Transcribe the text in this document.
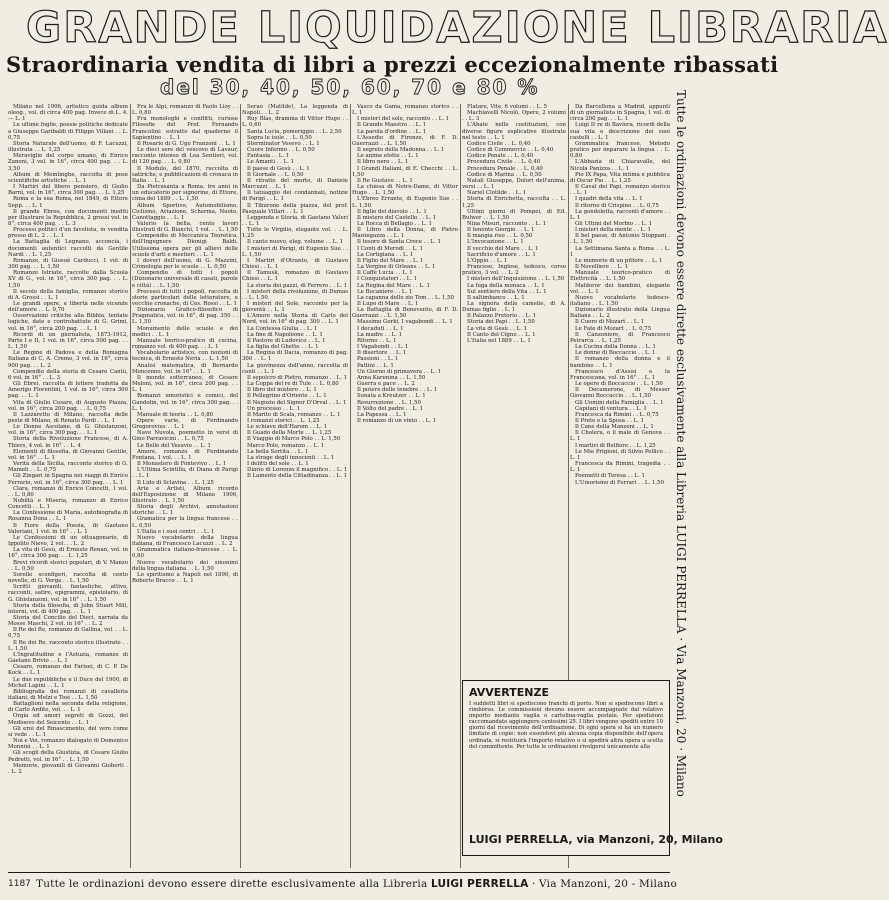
GRANDE LIQUIDAZIONE LIBRARIA
Straordinaria vendita di libri a prezzi eccezionalmente ribassati
del 30, 40, 50, 60, 70 e 80 %

Milano nel 1906, artistico guida album oleog., vol. di circa 400 pag. Invece di L. 4.— L. 1

Le ultime foglie, poesie politiche dedicate a Giuseppe Garibaldi di Filippo Villani . . L. 0,75

Storia Naturale dell'uomo, di F. Lacuzzi, illustrata . . L. 1,25

Meraviglie del corpo umano, di Enrico Zanoni, 3 vol. in 16°, circa 400 pag. . . L. 3,50

Album di Memlinghe, raccolta di pose scientifiche artistiche . . L. 1

I Martiri del libero pensiero, di Giulio Barni, vol. in 16°, circa 300 pag. . . L. 1,25

Roma e la sua Roma, nel 1849, di Ettore Sepp. . . L. 1

Il grande Ebreo, con documenti inediti per illustrare la Repubblica, 2 grossi vol. in 8°, circa 400 pag. . . L. 3

Processi politici d'un favolista, in vendita presso di L. 2 . . L. 1

La Battaglia di Legnano, acconcia, i documenti autentici raccolti da Gentile Nardi . . L. 1,25

Romanze, di Giosuè Carducci, 1 vol. di 300 pag. . . L. 1,50

Romanze Istriate, raccolte dalla Scuola XV di G., vol. in 16°, circa 300 pag. . . L. 1,50

Il secolo della famiglia, romanzo storico di A. Grossi . . L. 1

Le grandi opere, e libertà nelle vicende dell'amore . . L. 0,70

Osservazioni critiche alla Bibbia, tentate logiche, date e controbattute di G. Grimi, vol. in 16°, circa 200 pag. . . L. 1

Ricordi di un giornalista, 1873-1912, Parte I e II, 1 vol. in 16°, circa 500 pag. . . L. 1,50

Le Regine di Padova e della Romagna Italiana di C. A. Cremo, 3 vol. in 16°, circa 900 pag. . . L. 2

Compendio della storia di Cesare Cantù, 6 vol. in 16° . . L. 3

Gli Ebrei, raccolta di lettere tradotta da Amerigo Florentini, 1 vol. in 16°, circa 300 pag. . . L. 1

Vita di Giulio Cesare, di Augusto Piazza, vol. in 16°, circa 200 pag. . . L. 0,75

Il Lazzaretto di Milano, raccolta delle peste di Milano, di Renato Pardi . . L. 1

Le Donne Ascolane, di G. Ghislanzoni, vol. in 16°, circa 300 pag. . . L. 1

Storia della Rivoluzione Francese, di A. Thiers, 4 vol. in 16° . . L. 4

Elementi di filosofia, di Giovanni Gentile, vol. in 16° . . L. 1

Verità della Sicilia, racconto storico di G. Mameli . . L. 0,75

Gli Zingari in Spagna nei viaggi di Enrico Ferrario, vol. in 16°, circa 300 pag. . . L. 1

Clara, romanzo di Enrico Concetti, 1 vol. . . L. 0,80

Nobiltà e Miseria, romanzo di Enrico Concetti . . L. 1

La Confessione di Maria, autobiografia di Rosanna Dona . . L. 1

Il Fiore della Poesia, di Gaetano Valeriani, 1 vol. in 16° . . L. 1

Le Confessioni di un ottuagenario, di Ippolito Nievo, 2 vol. . . L. 2

La vita di Gesù, di Ernesto Renan, vol. in 16°, circa 300 pag. . . L. 1,25

Brevi ricordi storici popolari, di V. Manzo . . L. 0,50

Sorelle sconfigeri, raccolta di cento novelle, di G. Verga . . L. 1,50

Scritti giovanili, fantastiche, attive, racconti, satire, epigrammi, epistolario, di G. Ghislanzoni, vol. in 16° . . L. 1,50

Storia della filosofia, di John Stuart Mill, interni, vol. di 400 pag. . . L. 1

Storia del Concilio del Dieci, narrata da Mosse Maschi, 2 vol. in 16° . . L. 2

Il Re del Re, romanzo di Gallina, vol. . . L. 0,75

Il Re dei Re, racconto storico illustrato . . L. 1,50

L'Ingratitudine e l'Astuzia, romanzo di Gaetano Brivio . . L. 1

Cesare, romanzo dei Farisei, di C. P. De Kock . . L. 1

Le due repubbliche e il Duce del 1900, di Michel Lapini . . L. 1

Bibliografia dei romanzi di cavalleria italiani, di Melzi e Tosi . . L. 1,50

Battaglioni nella seconda della religione, di Carlo Ardito, vol. . . L. 1

Orgia ed amori segreti di Gozzi, del Medioevo del Seicento . . L. 1

Gli eroi del Rinascimento, del vero come si vede . . L. 1

Noi e Voi, romanzo dialogato di Domenico Monnini . . L. 1

Gli scogli della Giustizia, di Cesare Giulio Pedretti, vol. in 16° . . L. 1,50

Memorie, giovanili di Giovanni Gioberti . . L. 2

Fra le Alpi, romanzo di Paolo Lioy . . L. 0,80

Fra monologhi e conflitti, curiose Filosofie del Prof. Fernando Francolini: estratto dal quaderno il Sapientino . . L. 1

Il Rosario di G. Ugo Franzoni . . L. 1

Le dieci sere del vescovo di Lavaur, racconto intenso di Lea Sentieri, vol. di 120 pag. . . L. 0,80

Il Modulo, del 1870, raccolta di satiriche, e pubblicazioni di cronaca in Italia . . L. 1

Da Pietrasanta a Roma, tre anni in un educatorio per signorine, di Ettore, cima del 1889 . . L. 1,50

Album Sportivo, Automobilismo, Ciclismo, Aviazione, Scherma, Nuoto, Canottaggio . . L. 1

Valerio la bella, cento lavori illustrati di G. Bianchi, 1 vol. . . L. 1,50

Compendio di Meccanica Teoretica, dell'Ingegnere Dionigi Baldi. Utilissima opera per gli allievi delle scuole d'arti e mestieri . . L. 1

I doveri dell'uomo, di G. Mazzini, Cronologia per le scuole . . L. 0,50

Compendio di tutti i popoli (Dizionario universale di casati, parole e città) . . L. 1,50

Processi di tutti i popoli, raccolta di storie particolari delle letterature, e vecchie cronache, di Ces. Rossi . . L. 1

Dizionario Grafico-filosofico di Pragmatica, vol. in 16°, di pag. 350 . . L. 1,50

Monumento delle scuole e dei medici . . L. 1

Manuale teorico-pratico di cucina, romanzo vol. di 400 pag. . . L. 1

Vocabolario artistico, con nozioni di tecnica, di Ernesto Neria . . L. 1,50

Analisi matematica, di Bernardo Moncenno, vol. in 16° . . L. 1

Il mondo sotterraneo, di Cesare Meloni, vol. in 16°, circa 200 pag. . . L. 1

Romanzi umoristici e comici, del Gandolin, vol. in 16°, circa 300 pag. . . L. 1

Manuale di teoria . . L. 0,80

Opere varie, di Ferdinando Gregorovius . . L. 1

Nave Nuvola, poemetto in versi di Gino Parravicini . . L. 0,75

Le Belle del Vesuvio . . L. 1

Amore, romanzo di Ferdinando Fontana, 1 vol. . . L. 1

Il Monastero di Fontevivo . . L. 1

L'Ultima Scintilla, di Diana di Parigi . . L. 1

Il Lido di Sclavina . . L. 1,25

Arte e Artisti, Album ricordo dell'Esposizione di Milano 1906, illustrato . . L. 1,50

Storia degli Archivi, annotazioni storiche . . L. 1

Gramatica per la lingua francese . . L. 0,50

L'Italia e i suoi centri . . L. 1

Nuovo vocabolario della lingua italiana, di Francesco Lacuzzi . . L. 2

Grammatica italiano-francese . . L. 0,80

Nuovo vocabolario dei sinonimi della lingua italiana . . L. 1,50

Lo spiritismo a Napoli nel 1890, di Roberto Bracco . . L. 1

Serao (Matilde), La leggenda di Napoli . . L. 2

Ruy Blas, dramma di Vittor Hugo . . L. 0,60

Santa Lucia, pomeriggio . . L. 2,50

Sopra le isole . . L. 0,50

Sterminator Vesevo . . L. 1

Cuore Infermo . . L. 0,50

Fantasia . . L. 1

Le Amanti . . L. 1

Il paese di Gesù . . L. 1

Il Giornale . . L. 0,50

Il ritratto del morto, di Daniele Marcuzzi . . L. 1

Il tatuaggio dei condannati, notizie di Parigi . . L. 1

Il Tiburone della piazza, del prof. Pasquale Villari . . L. 1

Leggenda e Storia, di Gaetano Valeri . . L. 1

Tutte le Virgilio, elegante vol. . . L. 1,25

Il canto nuovo, eleg. volume . . L. 1

I misteri di Parigi, di Eugenio Sue . . L. 1,50

I Martiri d'Otranto, di Gustavo Chiesi . . L. 1

Il Tamusk, romanzo di Gustavo Chiesi . . L. 1

La storia dei pazzi, di Ferrero . . L. 1

I misteri della rivoluzione, di Dumas . . L. 1,50

I misteri del Sole, racconto per la gioventù . . L. 1

L'Amore nella Storia di Carlo del Nord, vol. in 16° di pag. 300 . . L. 1

La Contessa Giulia . . L. 1

La fine di Napoleone . . L. 1

Il Pastore di Ludovico . . L. 1

La figlia del Ghetto . . L. 1

La Regina di Dacia, romanzo di pag. 300 . . L. 1

La giovinezza dell'anno, raccolta di canti . . L. 1

Il sepolcro di Pietro, romanzo . . L. 1

La Coppa del re di Tule . . L. 0,80

Il libro del mistero . . L. 1

Il Pellegrino d'Oriente . . L. 1

Il Negozio del Signor D'Orval . . L. 1

Un processo . . L. 1

Il Marito di Scala, romanzo . . L. 1

I romanzi storici . . L. 1,25

Le schiave dell'Harem . . L. 1

Il Guado della Morte . . L. 1,25

Il Viaggio di Marco Polo . . L. 1,50

Marco Polo, romanzo . . L. 1

La bella Sortita . . L. 1

La strage degli innocenti . . L. 1

I delitti del sole . . L. 1

Diario di Lorenzo il magnifico . . L. 1

Il Lamento della Cittadinanza . . L. 1

Vasco da Gama, romanzo storico . . L. 1

I misteri del sole, racconto . . L. 1

Il Grande Maestro . . L. 1

La parola d'ordine . . L. 1

L'Assedio di Firenze, di F. D. Guerrazzi . . L. 1,50

Il segreto della Madonna . . L. 1

Le anime elette . . L. 1

Il libro nero . . L. 1

I Grandi Italiani, di E. Checchi . . L. 1,50

Il Re Gustavo . . L. 1

La chiesa di Notre-Dame, di Vittor Hugo . . L. 1,50

L'Ebreo Errante, di Eugenio Sue . . L. 1,50

Il figlio del diavolo . . L. 1

Il mistero del Castello . . L. 1

La Rocca di Bellagio . . L. 1

Il Libro della Donna, di Pietro Mantegazza . . L. 1

Il tesoro di Santa Croce . . L. 1

I Conti di Merodi . . L. 1

La Cortigiana . . L. 1

Il Figlio del Mare . . L. 1

La Vergine di Orleans . . L. 1

Il Caffè Lucia . . L. 1

I Conquistatori . . L. 1

La Regina del Mare . . L. 1

Le Bucaniere . . L. 1

La capanna dello zio Tom . . L. 1,50

Il Lupo di Mare . . L. 1

La Battaglia di Benevento, di F. D. Guerrazzi . . L. 1,50

Massimo Gorki, I vagabondi . . L. 1

I decaduti . . L. 1

La madre . . L. 1

Ritorno . . L. 1

I Vagabondi . . L. 1

Il disertore . . L. 1

Passioni . . L. 1

Pattini . . L. 1

Un Giorno di primavera . . L. 1

Anna Karenina . . L. 1,50

Guerra e pace . . L. 2

Il potere delle tenebre . . L. 1

Sonata a Kreutzer . . L. 1

Resurrezione . . L. 1,50

Il Volto del padre . . L. 1

La Papessa . . L. 1

Il romanzo di un vinto . . L. 1

Flatare, Vite, 6 volumi . . L. 5

Machiavelli Nicolò, Opere, 2 volumi . . L. 3

L'Abate nelle costituzioni, con diverse figure esplicative illustrate nel testo . . L. 1

Codice Civile . . L. 0,40

Codice di Commercio . . L. 0,40

Codice Penale . . L. 0,40

Procedura Civile . . L. 0,40

Procedura Penale . . L. 0,40

Codice di Marina . . L. 0,50

Natali Giuseppe, Dolori dell'anima, versi . . L. 1

Nariel Clotilde . . L. 1

Storia di Enrichetta, raccolta . . L. 1,25

Ultimi giorni di Pompei, di Ed. Bulwer . . L. 1,50

Nina Misuri, racconto . . L. 1

Il tenente Giorgio . . L. 1

Il mangia riso . . L. 0,50

L'Invocazione . . L. 1

Il vecchio del Mare . . L. 1

Sacrificio d'amore . . L. 1

L'Oppio . . L. 1

Francese, Inglese, tedesco, corso pratico, 3 vol. . . L. 2

I misteri dell'Inquisizione . . L. 1,50

La fuga della monaca . . L. 1

Sul sentiero della Vita . . L. 1

Il saltimbanco . . L. 1

La signora delle camelie, di A. Dumas figlio . . L. 1

Il Palazzo Pretorio . . L. 1

Storia dei Papi . . L. 1,50

La vita di Gesù . . L. 1

Il Canto del Cigno . . L. 1

L'Italia nel 1889 . . L. 1

Da Barcellona a Madrid, appunti di un giornalista in Spagna, 1 vol. di circa 200 pag. . . L. 1

Luigi II re di Baviera, ricordi della sua vita e descrizione dei suoi castelli . . L. 1

Grammatica francese, Metodo pratico per imparare la lingua . . L. 0,80

L'Abbazia di Chiaravalle, del Nicola Panizza . . L. 1

Pio IX Papa, Vita intima e pubblica di Oscar Pio . . L. 1,25

Il Caval dei Papi, romanzo storico . . L. 1

I quadri della vita . . L. 1

Il ritorno di Crispino . . L. 0,75

La gondoletta, racconti d'amore . . L. 1

Gli Ultimi del Morbio . . L. 1

I misteri della mente . . L. 1

Il bel paese, di Antonio Stoppani . . L. 1,50

La Settimana Santa a Roma . . L. 1

Le memorie di un pittore . . L. 1

Il Novelliere . . L. 1

Manuale teorico-pratico di Elettricità . . L. 1,50

Maldoror dei bambini, elegante vol. . . L. 1

Nuovo vocabolario tedesco-italiano . . L. 1,50

Dizionario illustrato della Lingua Italiana . . L. 2

Il Cuore di Mozart . . L. 1

Le Fate di Mozart . . L. 0,75

Il Canzoniere, di Francesco Petrarca . . L. 1,25

La Cucina della Donna . . L. 1

Le donne di Boccaccio . . L. 1

Il romanzo della donna e il bambino . . L. 1

Francesco d'Assisi e la Francescana, vol. in 16° . . L. 1

Le opere di Boccaccio . . L. 1,50

Il Decamerone, di Messer Giovanni Boccaccio . . L. 1,50

Gli Uomini della Famiglia . . L. 1

Capitani di ventura . . L. 1

Francesca da Rimini . . L. 0,75

Il Prete e la Sposa . . L. 1

Il Cane della Manzoni . . L. 1

Il Cholera, o il male di Genova . . L. 1

I martiri di Belfiore . . L. 1,25

Le Mie Prigioni, di Silvio Pellico . . L. 1

Francesca da Rimini, tragedia . . L. 1

Poemetti di Teresa . . L. 1

L'Umorismo di Ferrari . . L. 1,50

AVVERTENZE
I suddetti libri si spediscono franchi di porto. Non si spediscono libri a rimborso. Le commissioni devono essere accompagnate dal relativo importo mediante vaglia o cartolina-vaglia postale. Per spedizioni raccomandate aggiungere centesimi 25. I libri vengono spediti entro 10 giorni dal ricevimento dell'ordinazione. Di ogni opera si ha un numero limitato di copie: non essendovi più alcuna copia disponibile dell'opera ordinata, si restituirà l'importo relativo o si spedirà altra opera a scelta del committente. Per tutte le ordinazioni rivolgersi unicamente alla
LUIGI PERRELLA, via Manzoni, 20, Milano
Tutte le ordinazioni devono essere dirette esclusivamente alla Libreria LUIGI PERRELLA · Via Manzoni, 20 · Milano
1187 Tutte le ordinazioni devono essere dirette esclusivamente alla Libreria LUIGI PERRELLA · Via Manzoni, 20 - Milano
